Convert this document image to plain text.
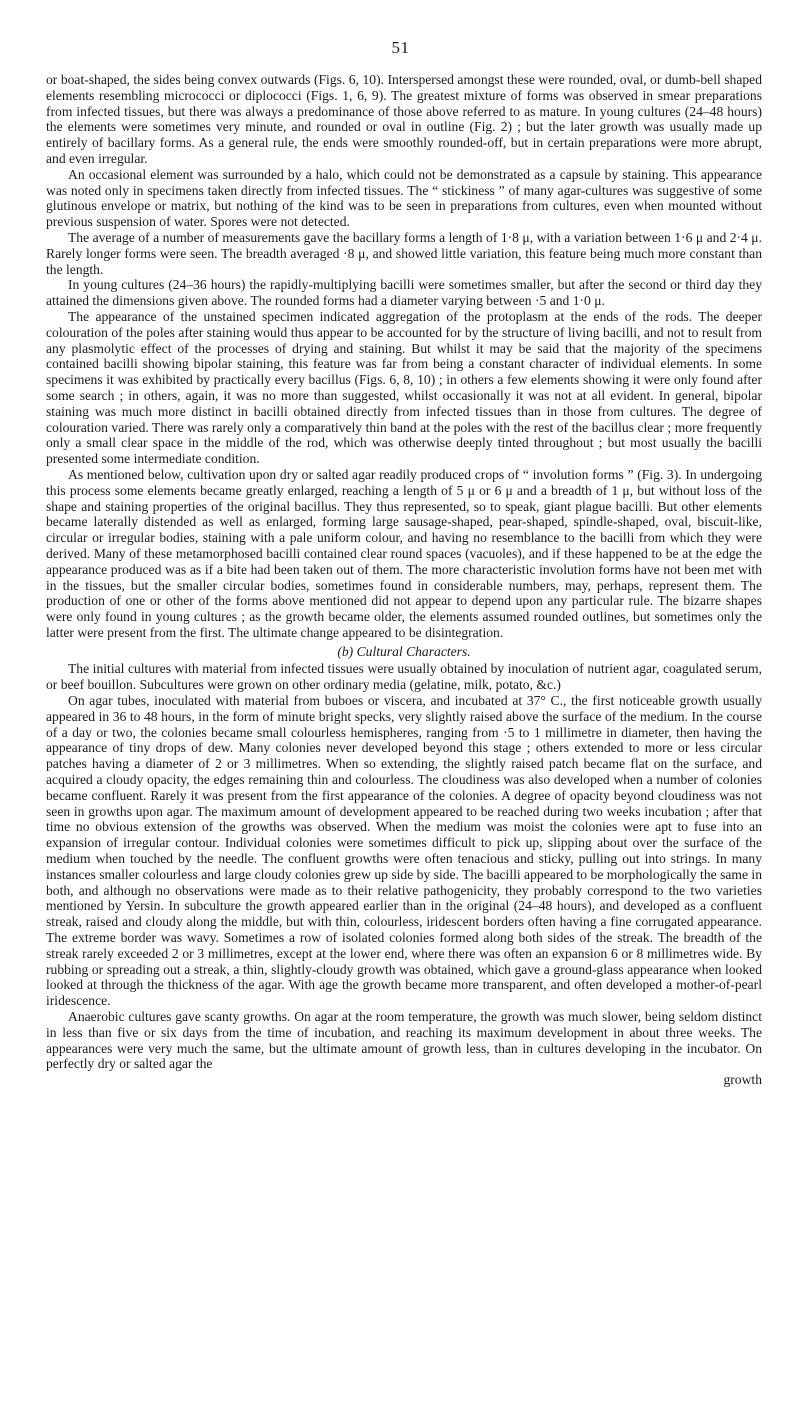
51

or boat-shaped, the sides being convex outwards (Figs. 6, 10). Interspersed amongst these were rounded, oval, or dumb-bell shaped elements resembling micrococci or diplococci (Figs. 1, 6, 9). The greatest mixture of forms was observed in smear preparations from infected tissues, but there was always a predominance of those above referred to as mature. In young cultures (24–48 hours) the elements were sometimes very minute, and rounded or oval in outline (Fig. 2) ; but the later growth was usually made up entirely of bacillary forms. As a general rule, the ends were smoothly rounded-off, but in certain preparations were more abrupt, and even irregular.

An occasional element was surrounded by a halo, which could not be demonstrated as a capsule by staining. This appearance was noted only in specimens taken directly from infected tissues. The “ stickiness ” of many agar-cultures was suggestive of some glutinous envelope or matrix, but nothing of the kind was to be seen in preparations from cultures, even when mounted without previous suspension of water. Spores were not detected.

The average of a number of measurements gave the bacillary forms a length of 1·8 μ, with a variation between 1·6 μ and 2·4 μ. Rarely longer forms were seen. The breadth averaged ·8 μ, and showed little variation, this feature being much more constant than the length.

In young cultures (24–36 hours) the rapidly-multiplying bacilli were sometimes smaller, but after the second or third day they attained the dimensions given above. The rounded forms had a diameter varying between ·5 and 1·0 μ.

The appearance of the unstained specimen indicated aggregation of the protoplasm at the ends of the rods. The deeper colouration of the poles after staining would thus appear to be accounted for by the structure of living bacilli, and not to result from any plasmolytic effect of the processes of drying and staining. But whilst it may be said that the majority of the specimens contained bacilli showing bipolar staining, this feature was far from being a constant character of individual elements. In some specimens it was exhibited by practically every bacillus (Figs. 6, 8, 10) ; in others a few elements showing it were only found after some search ; in others, again, it was no more than suggested, whilst occasionally it was not at all evident. In general, bipolar staining was much more distinct in bacilli obtained directly from infected tissues than in those from cultures. The degree of colouration varied. There was rarely only a comparatively thin band at the poles with the rest of the bacillus clear ; more frequently only a small clear space in the middle of the rod, which was otherwise deeply tinted throughout ; but most usually the bacilli presented some intermediate condition.

As mentioned below, cultivation upon dry or salted agar readily produced crops of “ involution forms ” (Fig. 3). In undergoing this process some elements became greatly enlarged, reaching a length of 5 μ or 6 μ and a breadth of 1 μ, but without loss of the shape and staining properties of the original bacillus. They thus represented, so to speak, giant plague bacilli. But other elements became laterally distended as well as enlarged, forming large sausage-shaped, pear-shaped, spindle-shaped, oval, biscuit-like, circular or irregular bodies, staining with a pale uniform colour, and having no resemblance to the bacilli from which they were derived. Many of these metamorphosed bacilli contained clear round spaces (vacuoles), and if these happened to be at the edge the appearance produced was as if a bite had been taken out of them. The more characteristic involution forms have not been met with in the tissues, but the smaller circular bodies, sometimes found in considerable numbers, may, perhaps, represent them. The production of one or other of the forms above mentioned did not appear to depend upon any particular rule. The bizarre shapes were only found in young cultures ; as the growth became older, the elements assumed rounded outlines, but sometimes only the latter were present from the first. The ultimate change appeared to be disintegration.

(b) Cultural Characters.

The initial cultures with material from infected tissues were usually obtained by inoculation of nutrient agar, coagulated serum, or beef bouillon. Subcultures were grown on other ordinary media (gelatine, milk, potato, &c.)

On agar tubes, inoculated with material from buboes or viscera, and incubated at 37° C., the first noticeable growth usually appeared in 36 to 48 hours, in the form of minute bright specks, very slightly raised above the surface of the medium. In the course of a day or two, the colonies became small colourless hemispheres, ranging from ·5 to 1 millimetre in diameter, then having the appearance of tiny drops of dew. Many colonies never developed beyond this stage ; others extended to more or less circular patches having a diameter of 2 or 3 millimetres. When so extending, the slightly raised patch became flat on the surface, and acquired a cloudy opacity, the edges remaining thin and colourless. The cloudiness was also developed when a number of colonies became confluent. Rarely it was present from the first appearance of the colonies. A degree of opacity beyond cloudiness was not seen in growths upon agar. The maximum amount of development appeared to be reached during two weeks incubation ; after that time no obvious extension of the growths was observed. When the medium was moist the colonies were apt to fuse into an expansion of irregular contour. Individual colonies were sometimes difficult to pick up, slipping about over the surface of the medium when touched by the needle. The confluent growths were often tenacious and sticky, pulling out into strings. In many instances smaller colourless and large cloudy colonies grew up side by side. The bacilli appeared to be morphologically the same in both, and although no observations were made as to their relative pathogenicity, they probably correspond to the two varieties mentioned by Yersin. In subculture the growth appeared earlier than in the original (24–48 hours), and developed as a confluent streak, raised and cloudy along the middle, but with thin, colourless, iridescent borders often having a fine corrugated appearance. The extreme border was wavy. Sometimes a row of isolated colonies formed along both sides of the streak. The breadth of the streak rarely exceeded 2 or 3 millimetres, except at the lower end, where there was often an expansion 6 or 8 millimetres wide. By rubbing or spreading out a streak, a thin, slightly-cloudy growth was obtained, which gave a ground-glass appearance when looked looked at through the thickness of the agar. With age the growth became more transparent, and often developed a mother-of-pearl iridescence.

Anaerobic cultures gave scanty growths. On agar at the room temperature, the growth was much slower, being seldom distinct in less than five or six days from the time of incubation, and reaching its maximum development in about three weeks. The appearances were very much the same, but the ultimate amount of growth less, than in cultures developing in the incubator. On perfectly dry or salted agar the

growth
